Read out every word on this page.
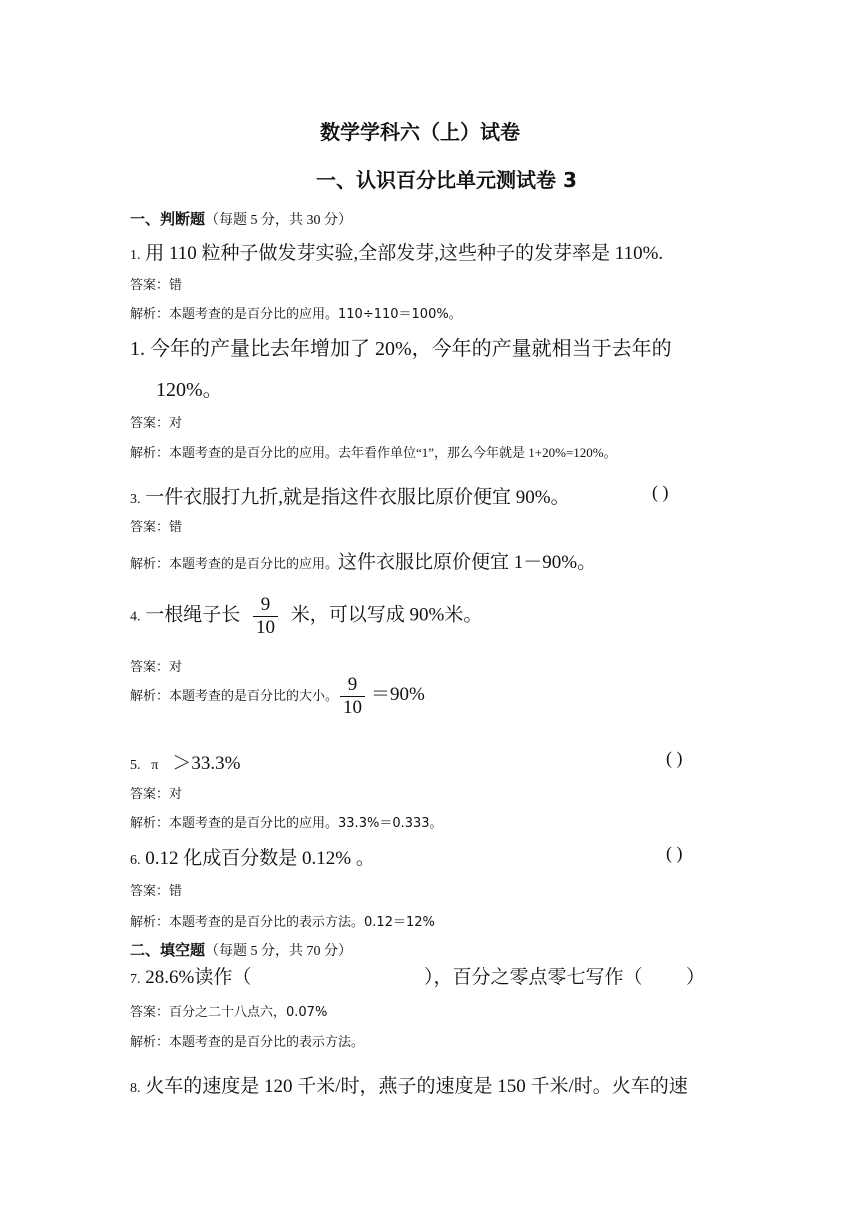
数学学科六（上）试卷
一、认识百分比单元测试卷 3
一、判断题（每题 5 分，共 30 分）
1. 用 110 粒种子做发芽实验,全部发芽,这些种子的发芽率是 110%.
答案：错
解析：本题考查的是百分比的应用。110÷110＝100%。
1. 今年的产量比去年增加了 20%，今年的产量就相当于去年的
120%。
答案：对
解析：本题考查的是百分比的应用。去年看作单位“1”，那么今年就是 1+20%=120%。
3. 一件衣服打九折,就是指这件衣服比原价便宜 90%。	( )
答案：错
解析：本题考查的是百分比的应用。这件衣服比原价便宜 1－90%。
4. 一根绳子长 $\frac{9}{10}$ 米，可以写成 90%米。
答案：对
解析：本题考查的是百分比的大小。 $\frac{9}{10} =90\%$
5. π ＞33.3%	( )
答案：对
解析：本题考查的是百分比的应用。33.3%＝0.333。
6. 0.12 化成百分数是 0.12% 。	( )
答案：错
解析：本题考查的是百分比的表示方法。0.12＝12%
二、填空题（每题 5 分，共 70 分）
7. 28.6%读作（	），百分之零点零七写作（ ）
答案：百分之二十八点六，0.07%
解析：本题考查的是百分比的表示方法。
8. 火车的速度是 120 千米/时，燕子的速度是 150 千米/时。火车的速
